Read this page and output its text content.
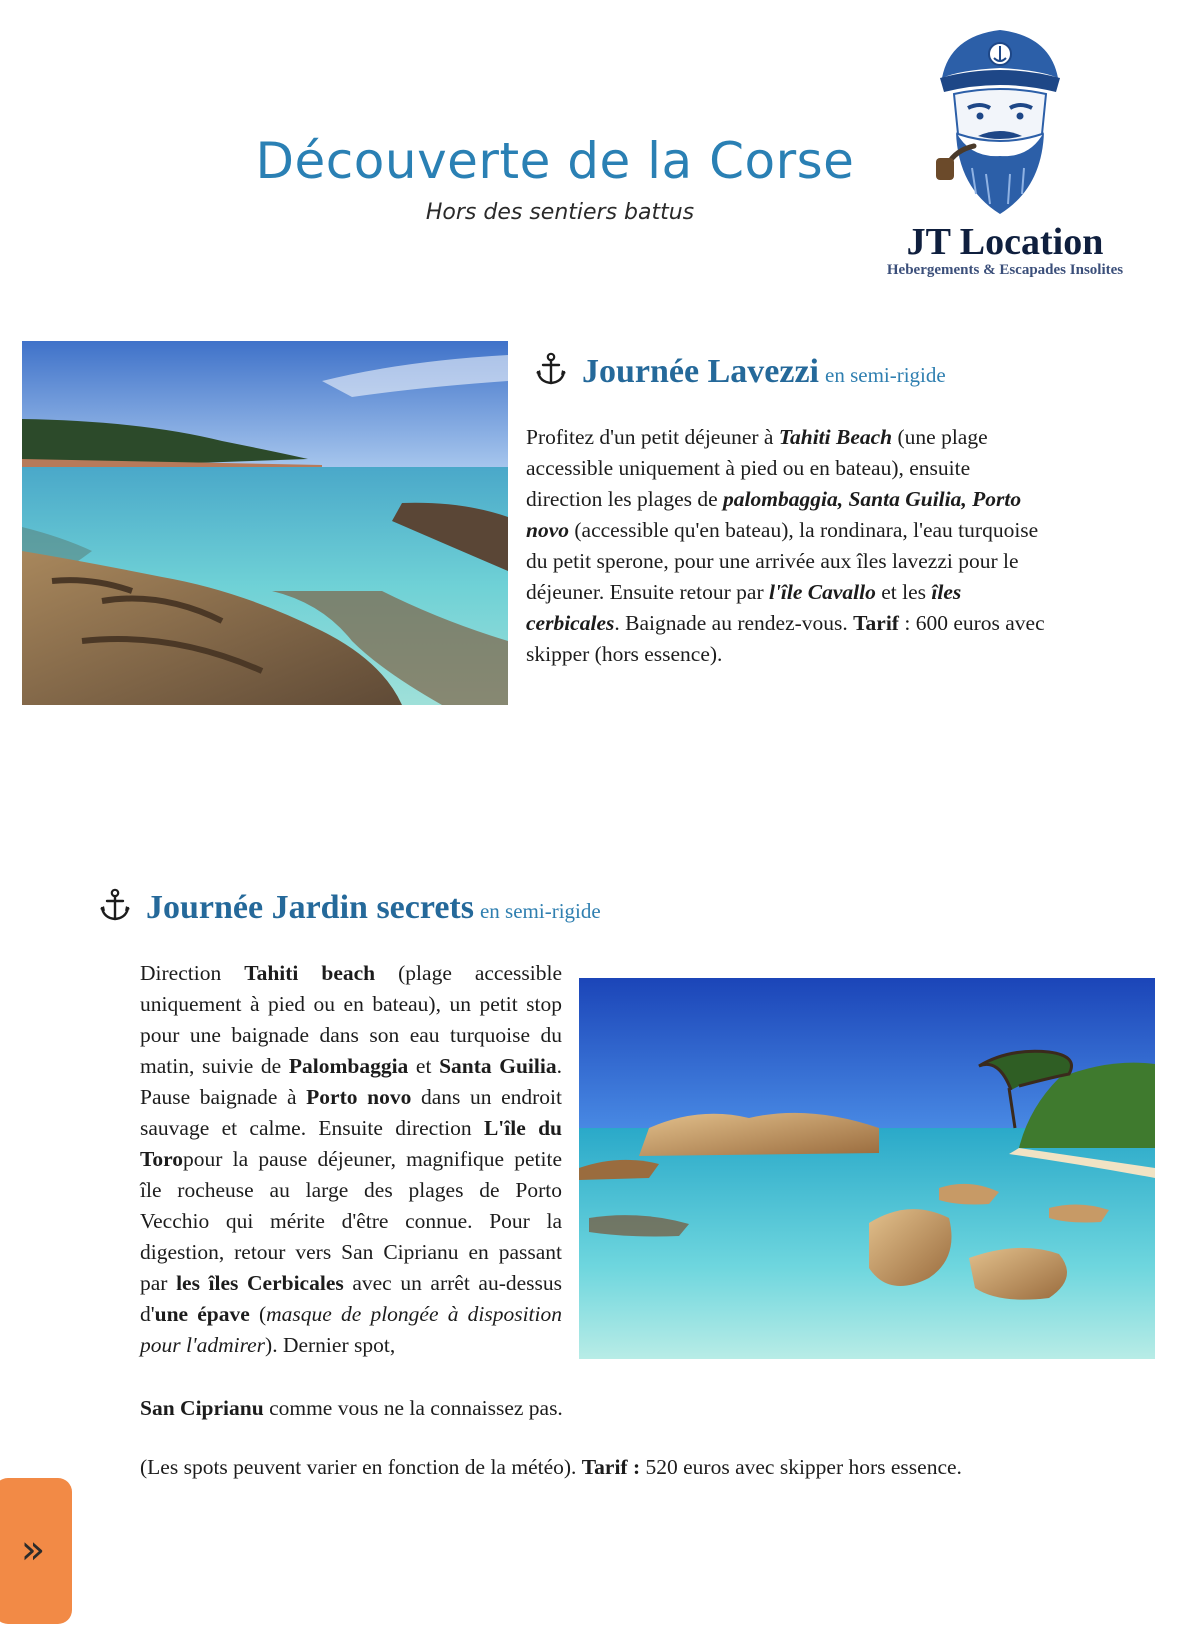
Découverte de la Corse
Hors des sentiers battus
JT Location
Hebergements & Escapades Insolites
Journée Lavezzi en semi-rigide
Profitez d'un petit déjeuner à Tahiti Beach (une plage accessible uniquement à pied ou en bateau), ensuite direction les plages de palombaggia, Santa Guilia, Porto novo (accessible qu'en bateau), la rondinara, l'eau turquoise du petit sperone, pour une arrivée aux îles lavezzi pour le déjeuner. Ensuite retour par l'île Cavallo et les îles cerbicales. Baignade au rendez-vous. Tarif : 600 euros avec skipper (hors essence).
Journée Jardin secrets en semi-rigide
Direction Tahiti beach (plage accessible uniquement à pied ou en bateau), un petit stop pour une baignade dans son eau turquoise du matin, suivie de Palombaggia et Santa Guilia. Pause baignade à Porto novo dans un endroit sauvage et calme. Ensuite direction L'île du Toropour la pause déjeuner, magnifique petite île rocheuse au large des plages de Porto Vecchio qui mérite d'être connue. Pour la digestion, retour vers San Ciprianu en passant par les îles Cerbicales avec un arrêt au-dessus d'une épave (masque de plongée à disposition pour l'admirer). Dernier spot,
San Ciprianu comme vous ne la connaissez pas.
(Les spots peuvent varier en fonction de la météo). Tarif : 520 euros avec skipper hors essence.
»
